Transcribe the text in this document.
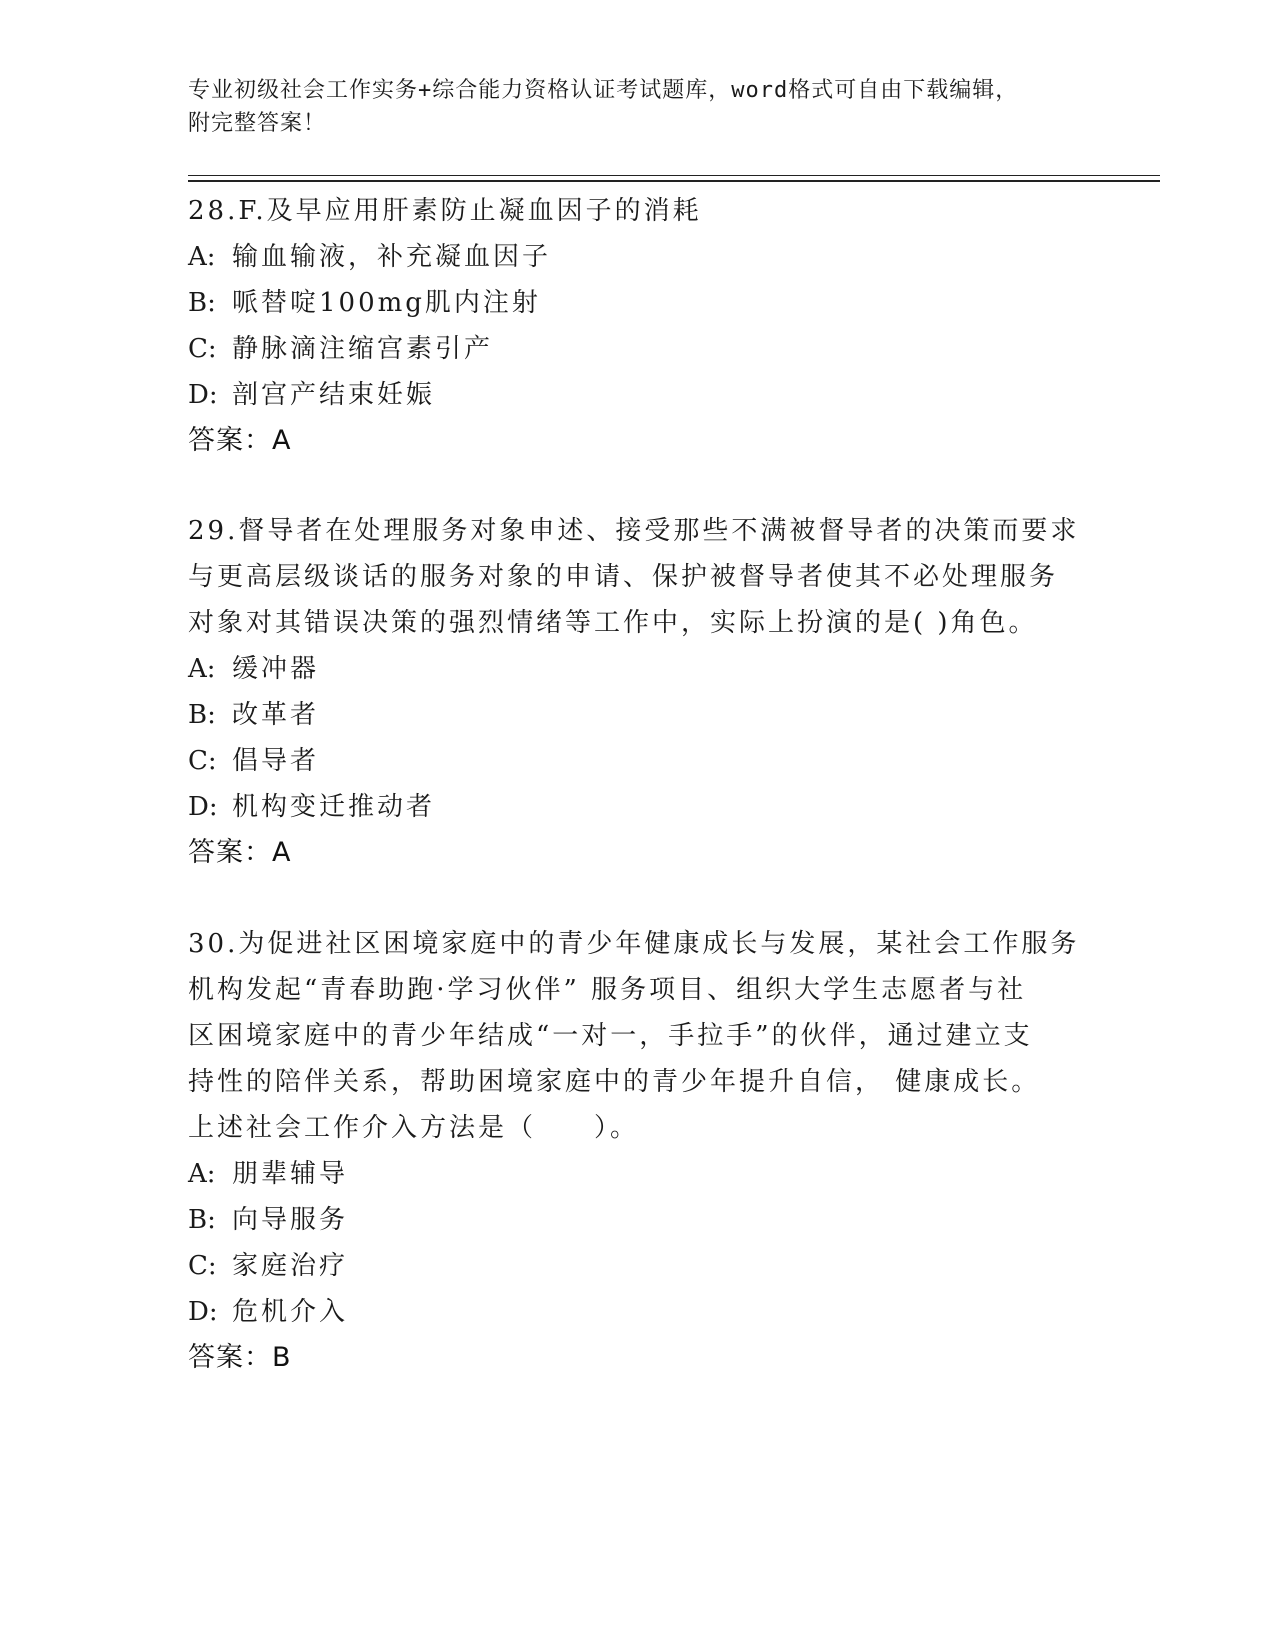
专业初级社会工作实务+综合能力资格认证考试题库，word格式可自由下载编辑，
附完整答案！
28.F.及早应用肝素防止凝血因子的消耗
A: 输血输液，补充凝血因子
B: 哌替啶100mg肌内注射
C: 静脉滴注缩宫素引产
D: 剖宫产结束妊娠
答案：A
29.督导者在处理服务对象申述、接受那些不满被督导者的决策而要求
与更高层级谈话的服务对象的申请、保护被督导者使其不必处理服务
对象对其错误决策的强烈情绪等工作中，实际上扮演的是( )角色。
A: 缓冲器
B: 改革者
C: 倡导者
D: 机构变迁推动者
答案：A
30.为促进社区困境家庭中的青少年健康成长与发展，某社会工作服务
机构发起“青春助跑·学习伙伴” 服务项目、组织大学生志愿者与社
区困境家庭中的青少年结成“一对一，手拉手”的伙伴，通过建立支
持性的陪伴关系，帮助困境家庭中的青少年提升自信， 健康成长。
上述社会工作介入方法是（　　）。
A: 朋辈辅导
B: 向导服务
C: 家庭治疗
D: 危机介入
答案：B
